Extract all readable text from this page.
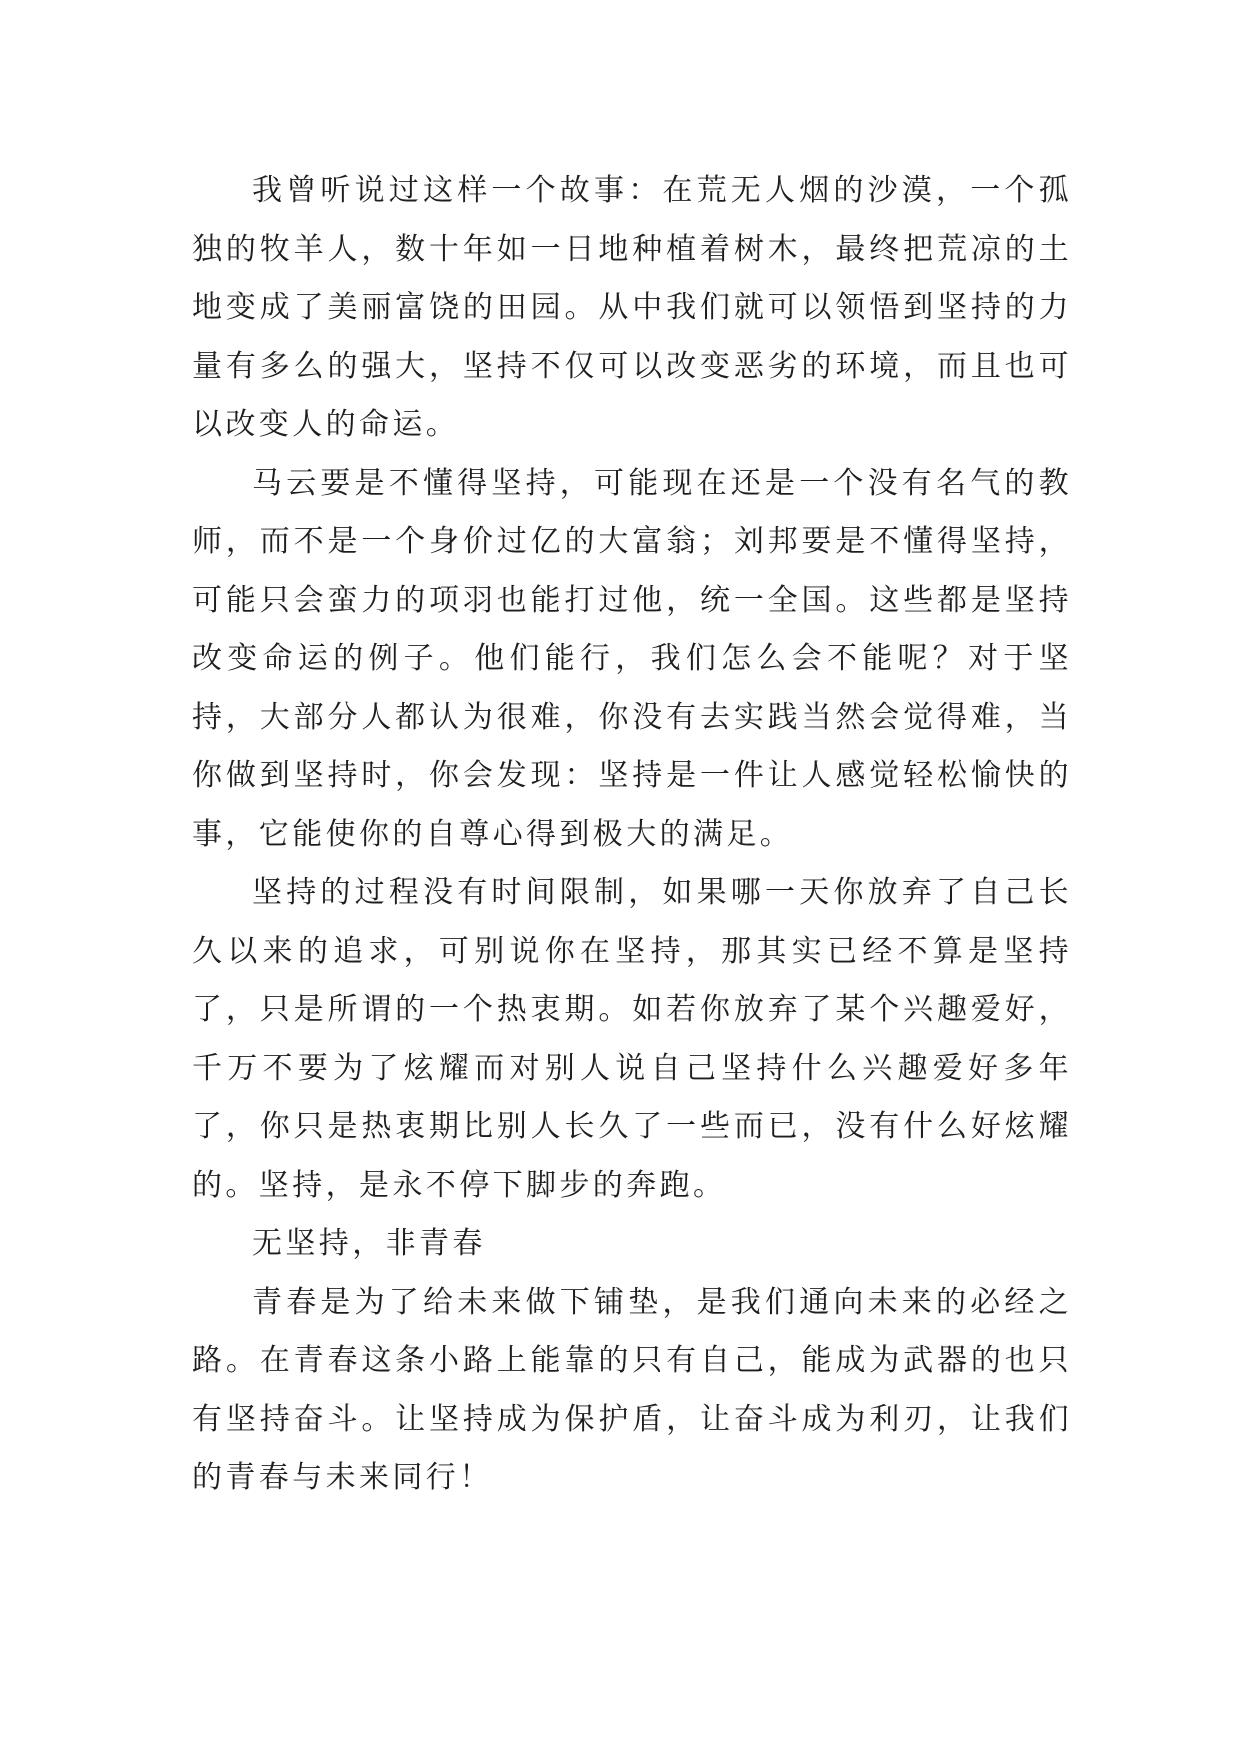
我曾听说过这样一个故事：在荒无人烟的沙漠，一个孤独的牧羊人，数十年如一日地种植着树木，最终把荒凉的土地变成了美丽富饶的田园。从中我们就可以领悟到坚持的力量有多么的强大，坚持不仅可以改变恶劣的环境，而且也可以改变人的命运。

马云要是不懂得坚持，可能现在还是一个没有名气的教师，而不是一个身价过亿的大富翁；刘邦要是不懂得坚持，可能只会蛮力的项羽也能打过他，统一全国。这些都是坚持改变命运的例子。他们能行，我们怎么会不能呢？对于坚持，大部分人都认为很难，你没有去实践当然会觉得难，当你做到坚持时，你会发现：坚持是一件让人感觉轻松愉快的事，它能使你的自尊心得到极大的满足。

坚持的过程没有时间限制，如果哪一天你放弃了自己长久以来的追求，可别说你在坚持，那其实已经不算是坚持了，只是所谓的一个热衷期。如若你放弃了某个兴趣爱好，千万不要为了炫耀而对别人说自己坚持什么兴趣爱好多年了，你只是热衷期比别人长久了一些而已，没有什么好炫耀的。坚持，是永不停下脚步的奔跑。

无坚持，非青春

青春是为了给未来做下铺垫，是我们通向未来的必经之路。在青春这条小路上能靠的只有自己，能成为武器的也只有坚持奋斗。让坚持成为保护盾，让奋斗成为利刃，让我们的青春与未来同行！
